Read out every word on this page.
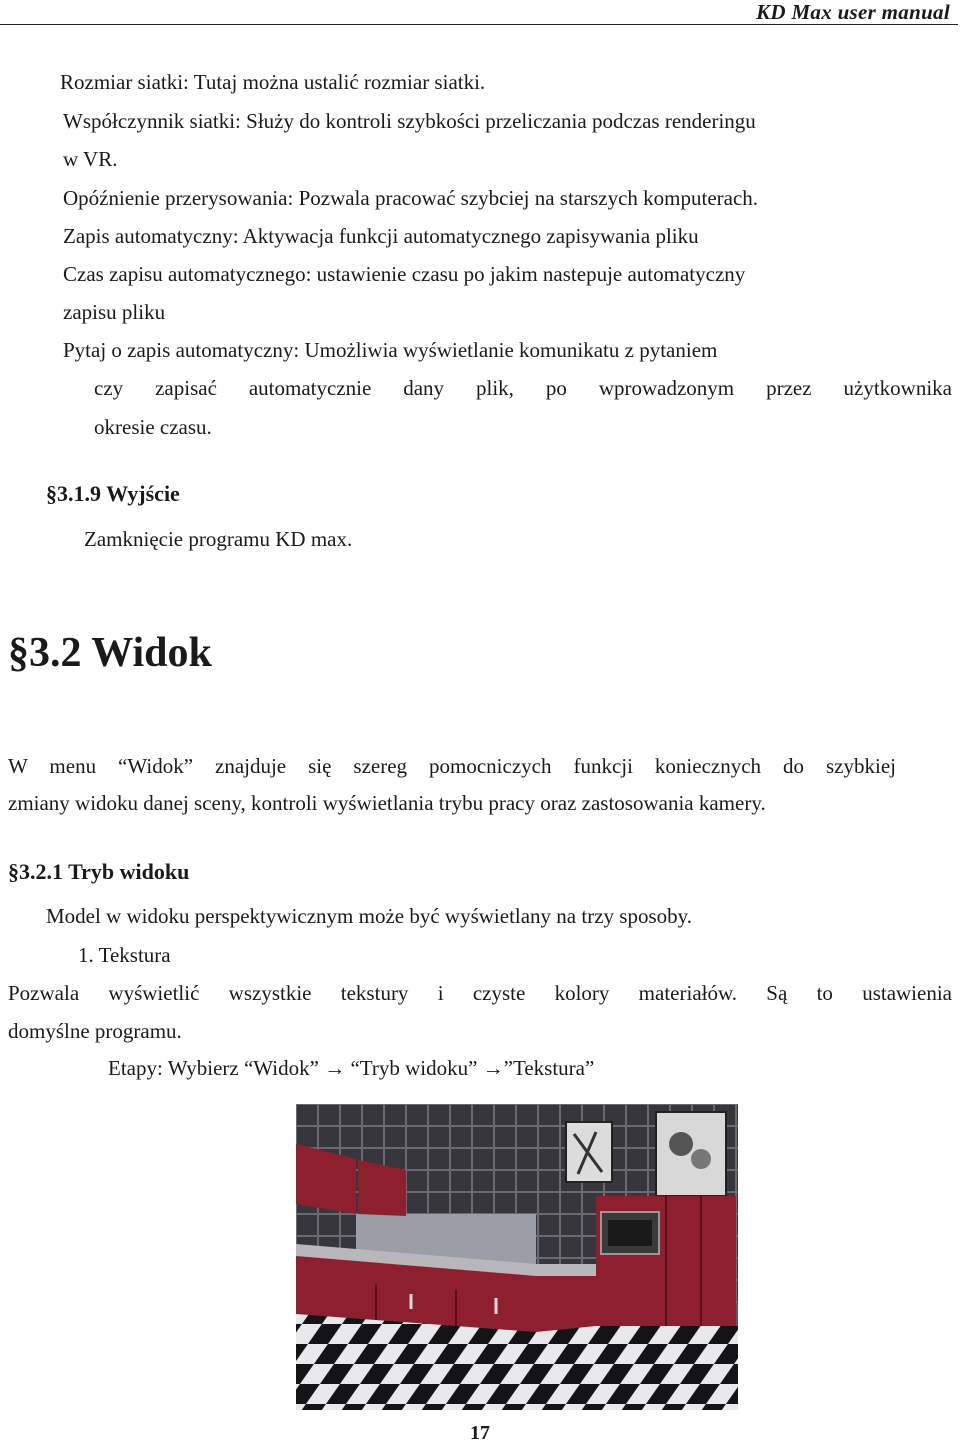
KD Max user manual
Rozmiar siatki: Tutaj można ustalić rozmiar siatki.
Współczynnik siatki: Służy do kontroli szybkości przeliczania podczas renderingu
w VR.
Opóźnienie przerysowania: Pozwala pracować szybciej na starszych komputerach.
Zapis automatyczny: Aktywacja funkcji automatycznego zapisywania pliku
Czas zapisu automatycznego: ustawienie czasu po jakim nastepuje automatyczny
zapisu pliku
Pytaj o zapis automatyczny: Umożliwia wyświetlanie komunikatu z pytaniem
czy zapisać automatycznie dany plik, po wprowadzonym przez użytkownika
okresie czasu.
§3.1.9 Wyjście
Zamknięcie programu KD max.
§3.2 Widok
W menu “Widok” znajduje się szereg pomocniczych funkcji koniecznych do szybkiej
zmiany widoku danej sceny, kontroli wyświetlania trybu pracy oraz zastosowania kamery.
§3.2.1 Tryb widoku
Model w widoku perspektywicznym może być wyświetlany na trzy sposoby.
1. Tekstura
Pozwala wyświetlić wszystkie tekstury i czyste kolory materiałów. Są to ustawienia
domyślne programu.
Etapy: Wybierz “Widok” → “Tryb widoku” →”Tekstura”
17
